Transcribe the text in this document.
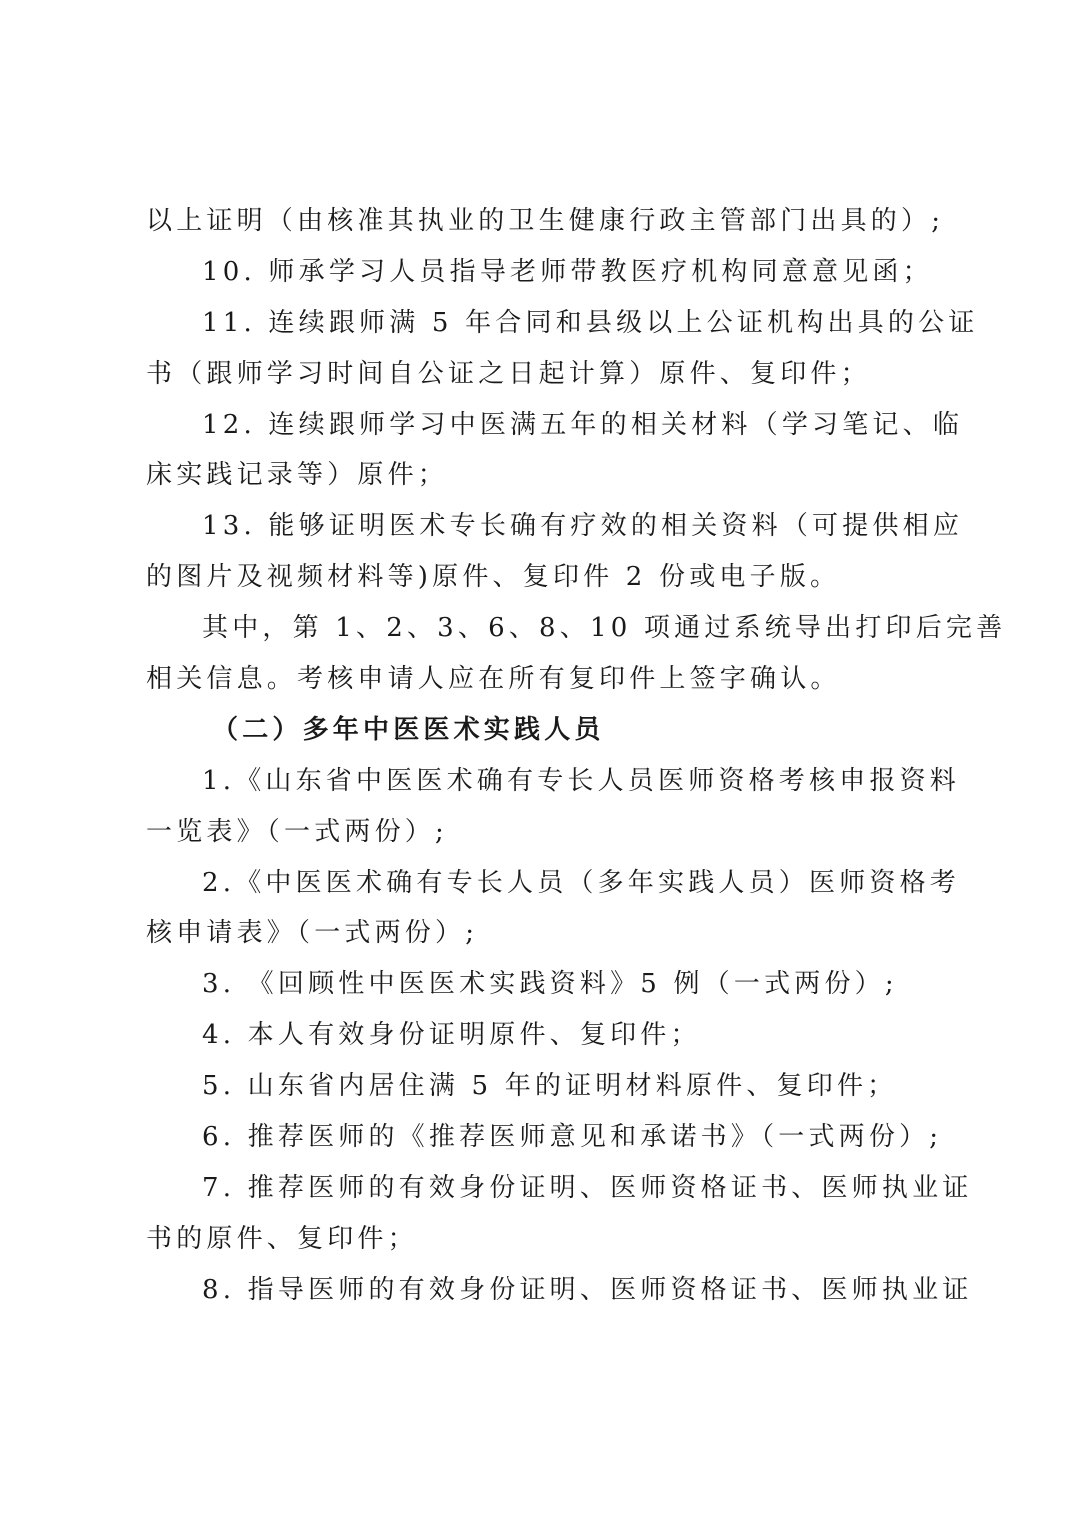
以上证明（由核准其执业的卫生健康行政主管部门出具的）;
10. 师承学习人员指导老师带教医疗机构同意意见函；
11. 连续跟师满 5 年合同和县级以上公证机构出具的公证
书（跟师学习时间自公证之日起计算）原件、复印件；
12. 连续跟师学习中医满五年的相关材料（学习笔记、临
床实践记录等）原件；
13. 能够证明医术专长确有疗效的相关资料（可提供相应
的图片及视频材料等)原件、复印件 2 份或电子版。
其中，第 1、2、3、6、8、10 项通过系统导出打印后完善
相关信息。考核申请人应在所有复印件上签字确认。
（二）多年中医医术实践人员
1.《山东省中医医术确有专长人员医师资格考核申报资料
一览表》（一式两份）;
2.《中医医术确有专长人员（多年实践人员）医师资格考
核申请表》（一式两份）;
3. 《回顾性中医医术实践资料》5 例（一式两份）;
4. 本人有效身份证明原件、复印件；
5. 山东省内居住满 5 年的证明材料原件、复印件；
6. 推荐医师的《推荐医师意见和承诺书》（一式两份）;
7. 推荐医师的有效身份证明、医师资格证书、医师执业证
书的原件、复印件；
8. 指导医师的有效身份证明、医师资格证书、医师执业证
